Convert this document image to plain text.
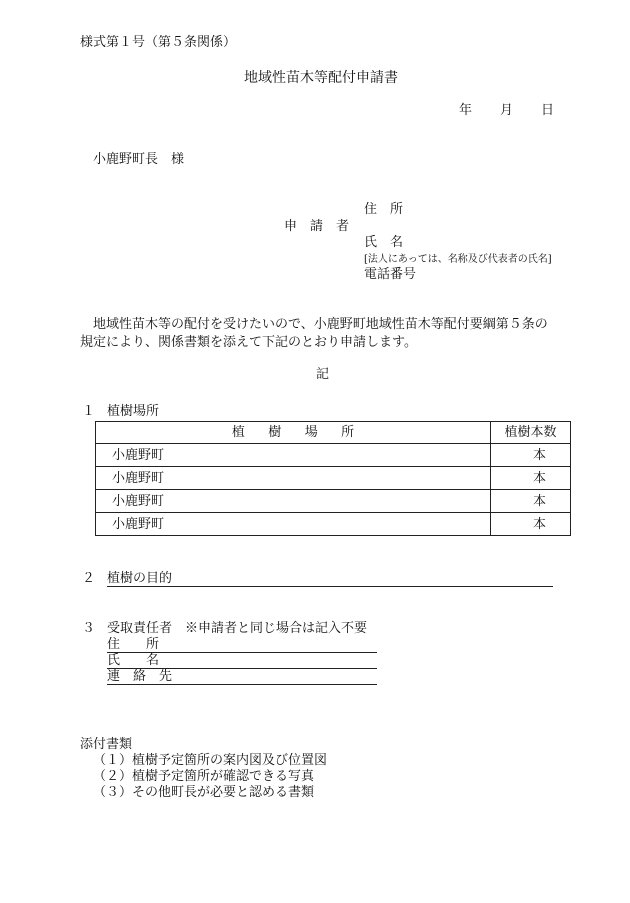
様式第１号（第５条関係）
地域性苗木等配付申請書
年 月 日
小鹿野町長　様
申　請　者
住　所
氏　名
[法人にあっては、名称及び代表者の氏名]
電話番号
地域性苗木等の配付を受けたいので、小鹿野町地域性苗木等配付要綱第５条の
規定により、関係書類を添えて下記のとおり申請します。
記
１ 植樹場所
植樹場所	植樹本数
小鹿野町	本
小鹿野町	本
小鹿野町	本
小鹿野町	本
２ 植樹の目的
３ 受取責任者　※申請者と同じ場合は記入不要
住　　所
氏　　名
連　絡　先
添付書類
（１）植樹予定箇所の案内図及び位置図
（２）植樹予定箇所が確認できる写真
（３）その他町長が必要と認める書類
